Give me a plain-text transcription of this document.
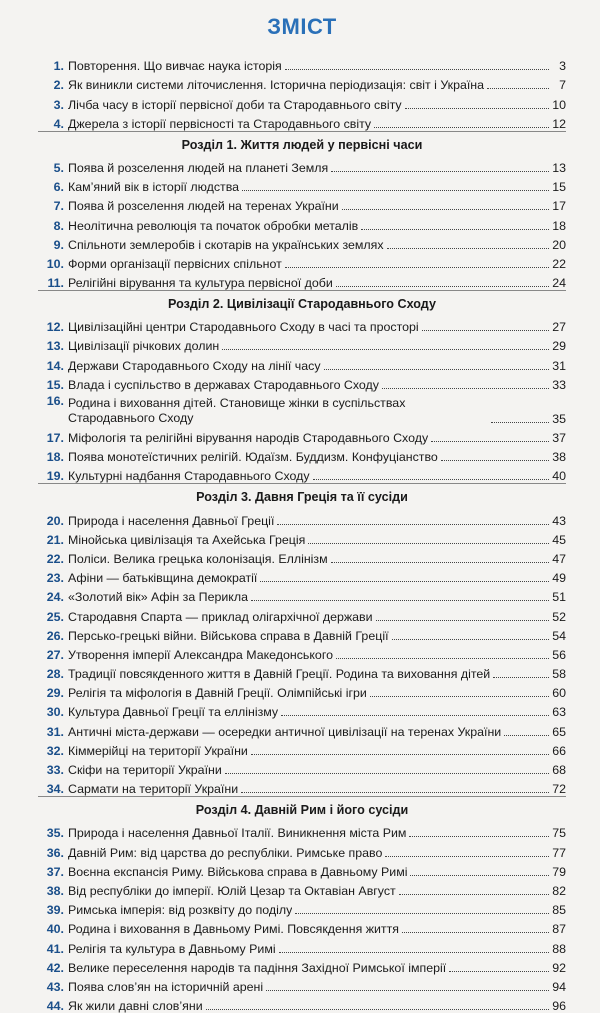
ЗМІСТ
1. Повторення. Що вивчає наука історія	3
2. Як виникли системи літочислення. Історична періодизація: світ і Україна	7
3. Лічба часу в історії первісної доби та Стародавнього світу	10
4. Джерела з історії первісності та Стародавнього світу	12
Розділ 1. Життя людей у первісні часи
5. Поява й розселення людей на планеті Земля	13
6. Кам’яний вік в історії людства	15
7. Поява й розселення людей на теренах України	17
8. Неолітична революція та початок обробки металів	18
9. Спільноти землеробів і скотарів на українських землях	20
10. Форми організації первісних спільнот	22
11. Релігійні вірування та культура первісної доби	24
Розділ 2. Цивілізації Стародавнього Сходу
12. Цивілізаційні центри Стародавнього Сходу в часі та просторі	27
13. Цивілізації річкових долин	29
14. Держави Стародавнього Сходу на лінії часу	31
15. Влада і суспільство в державах Стародавнього Сходу	33
16. Родина і виховання дітей. Становище жінки в суспільствах Стародавнього Сходу	35
17. Міфологія та релігійні вірування народів Стародавнього Сходу	37
18. Поява монотеїстичних релігій. Юдаїзм. Буддизм. Конфуціанство	38
19. Культурні надбання Стародавнього Сходу	40
Розділ 3. Давня Греція та її сусіди
20. Природа і населення Давньої Греції	43
21. Мінойська цивілізація та Ахейська Греція	45
22. Поліси. Велика грецька колонізація. Еллінізм	47
23. Афіни — батьківщина демократії	49
24. «Золотий вік» Афін за Перикла	51
25. Стародавня Спарта — приклад олігархічної держави	52
26. Персько-грецькі війни. Військова справа в Давній Греції	54
27. Утворення імперії Александра Македонського	56
28. Традиції повсякденного життя в Давній Греції. Родина та виховання дітей	58
29. Релігія та міфологія в Давній Греції. Олімпійські ігри	60
30. Культура Давньої Греції та еллінізму	63
31. Античні міста-держави — осередки античної цивілізації на теренах України	65
32. Кіммерійці на території України	66
33. Скіфи на території України	68
34. Сармати на території України	72
Розділ 4. Давній Рим і його сусіди
35. Природа і населення Давньої Італії. Виникнення міста Рим	75
36. Давній Рим: від царства до республіки. Римське право	77
37. Воєнна експансія Риму. Військова справа в Давньому Римі	79
38. Від республіки до імперії. Юлій Цезар та Октавіан Август	82
39. Римська імперія: від розквіту до поділу	85
40. Родина і виховання в Давньому Римі. Повсякдення життя	87
41. Релігія та культура в Давньому Римі	88
42. Велике переселення народів та падіння Західної Римської імперії	92
43. Поява слов’ян на історичній арені	94
44. Як жили давні слов’яни	96
